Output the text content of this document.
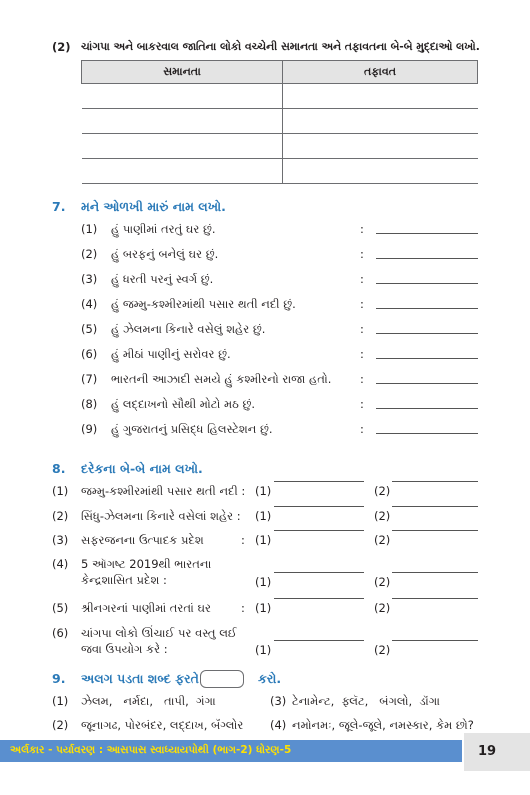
(2) ચાંગપા અને બાકરવાલ જાતિના લોકો વચ્ચેની સમાનતા અને તફાવતના બે-બે મુદ્દાઓ લખો.
સમાનતા	તફાવત

7. મને ઓળખી મારું નામ લખો.
(1) હું પાણીમાં તરતું ઘર છું.	:
(2) હું બરફનું બનેલું ઘર છું.	:
(3) હું ધરતી પરનું સ્વર્ગ છું.	:
(4) હું જમ્મુ-કશ્મીરમાંથી પસાર થતી નદી છું.	:
(5) હું ઝેલમના કિનારે વસેલું શહેર છું.	:
(6) હું મીઠાં પાણીનું સરોવર છું.	:
(7) ભારતની આઝાદી સમયે હું કશ્મીરનો રાજા હતો. :
(8) હું લદ્દાખનો સૌથી મોટો મઠ છું.	:
(9) હું ગુજરાતનું પ્રસિદ્ધ હિલસ્ટેશન છું.	:
8. દરેકના બે-બે નામ લખો.
(1) જમ્મુ-કશ્મીરમાંથી પસાર થતી નદી : (1)	(2)
(2) સિંધુ-ઝેલમના કિનારે વસેલાં શહેર : (1)	(2)
(3) સફરજનના ઉત્પાદક પ્રદેશ	: (1)	(2)
(4) 5 ઑગષ્ટ 2019થી ભારતના
કેન્દ્રશાસિત પ્રદેશ :	(1)	(2)
(5) શ્રીનગરનાં પાણીમાં તરતાં ઘર	: (1)	(2)
(6) ચાંગપા લોકો ઊંચાઈ પર વસ્તુ લઈ
જવા ઉપયોગ કરે :	(1)	(2)
9. અલગ પડતા શબ્દ ફરતે	કરો.
(1) ઝેલમ,   નર્મદા,   તાપી,  ગંગા	(3) ટેનામેન્ટ,  ફ્લૅટ,   બંગલો,  ડૉંગા
(2) જૂનાગઢ, પોરબંદર, લદ્દાખ, બૅંગ્લોર (4) નમોનમઃ, જૂલે-જૂલે, નમસ્કાર, કેમ છો?
અર્લકાર - પર્યાવરણ : આસપાસ સ્વાધ્યાયપોથી (ભાગ-2) ધોરણ-5	19
